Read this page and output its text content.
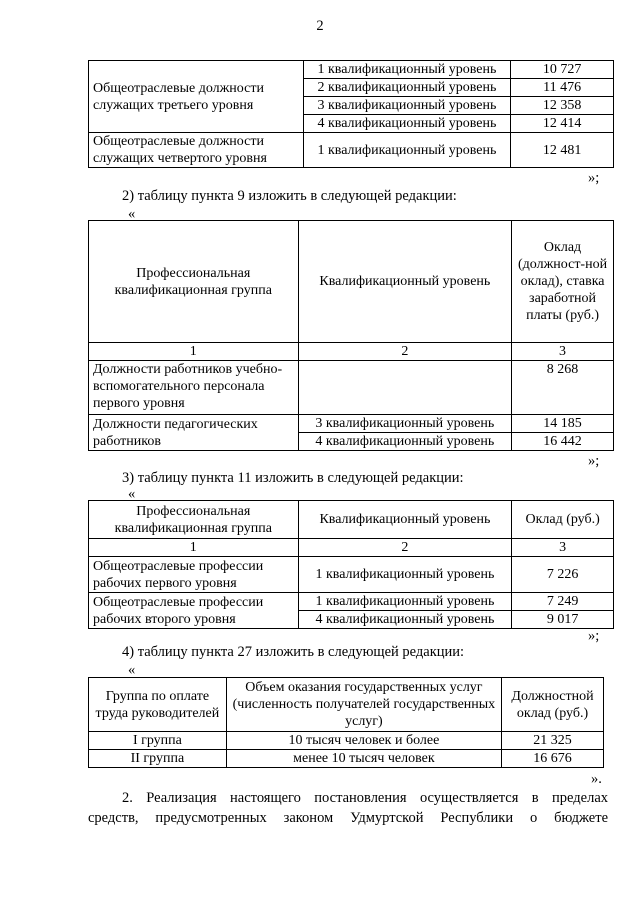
2
Общеотраслевые должности служащих третьего уровня	1 квалификационный уровень	10 727
	2 квалификационный уровень	11 476
	3 квалификационный уровень	12 358
	4 квалификационный уровень	12 414
Общеотраслевые должности служащих четвертого уровня	1 квалификационный уровень	12 481
»;
2) таблицу пункта 9 изложить в следующей редакции:
«
Профессиональная квалификационная группа	Квалификационный уровень	Оклад (должност-ной оклад), ставка заработной платы (руб.)
1	2	3
Должности работников учебно-вспомогательного персонала первого уровня		8 268
Должности педагогических работников	3 квалификационный уровень	14 185
	4 квалификационный уровень	16 442
»;
3) таблицу пункта 11 изложить в следующей редакции:
«
Профессиональная квалификационная группа	Квалификационный уровень	Оклад (руб.)
1	2	3
Общеотраслевые профессии рабочих первого уровня	1 квалификационный уровень	7 226
Общеотраслевые профессии рабочих второго уровня	1 квалификационный уровень	7 249
	4 квалификационный уровень	9 017
»;
4) таблицу пункта 27 изложить в следующей редакции:
«
Группа по оплате труда руководителей	Объем оказания государственных услуг (численность получателей государственных услуг)	Должностной оклад (руб.)
I группа	10 тысяч человек и более	21 325
II группа	менее 10 тысяч человек	16 676
».
2. Реализация настоящего постановления осуществляется в пределах
средств, предусмотренных законом Удмуртской Республики о бюджете
